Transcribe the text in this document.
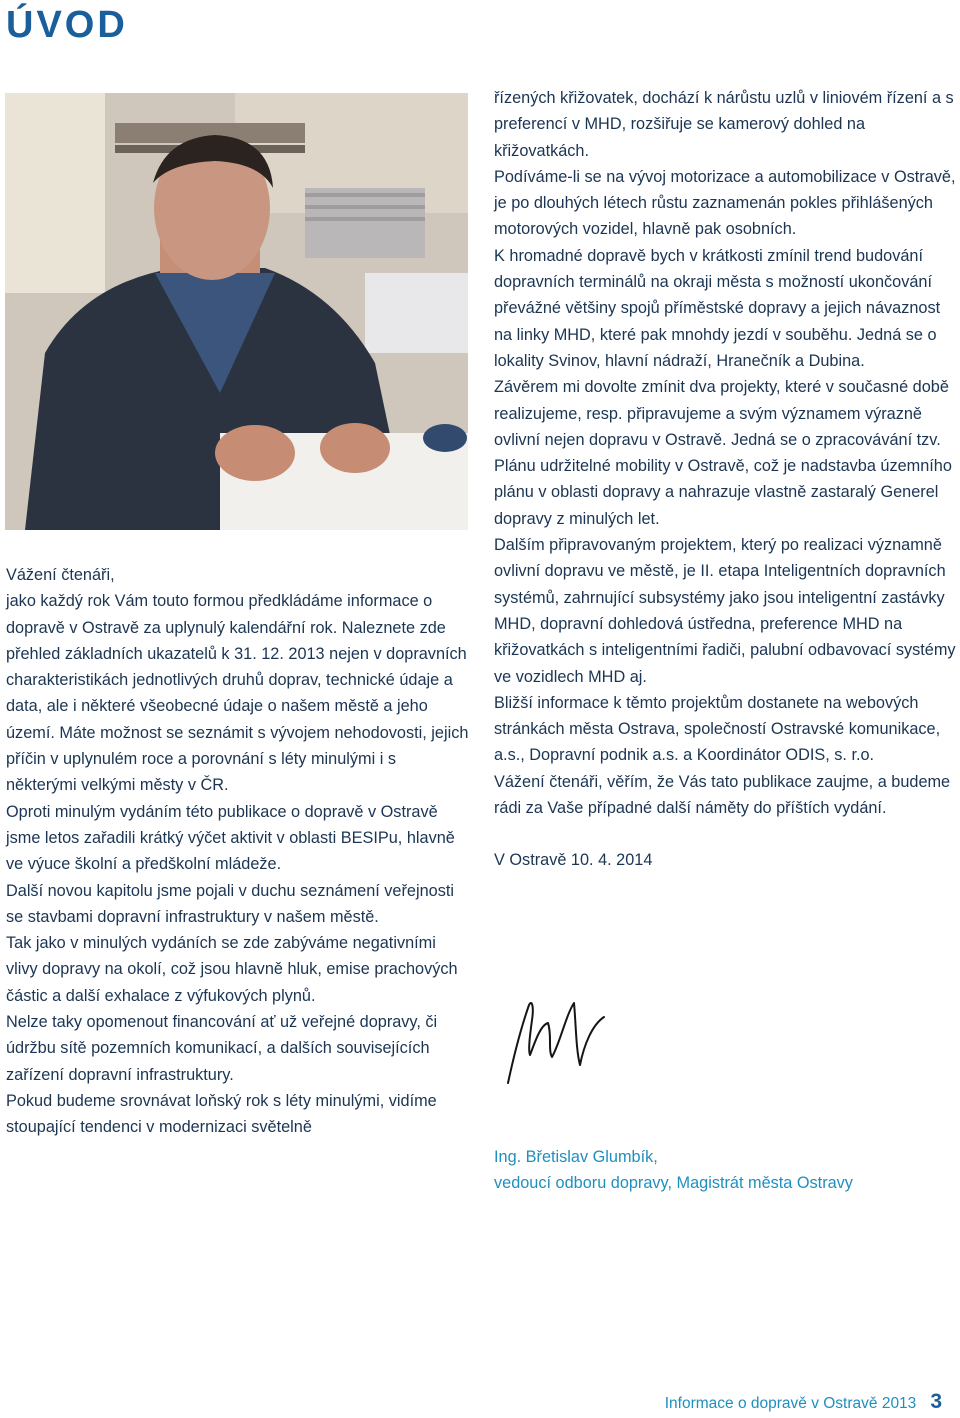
ÚVOD

Vážení čtenáři,

jako každý rok Vám touto formou předkládáme informace o dopravě v Ostravě za uplynulý kalendářní rok. Naleznete zde přehled základních ukazatelů k 31. 12. 2013 nejen v dopravních charakteristikách jednotlivých druhů doprav, technické údaje a data, ale i některé všeobecné údaje o našem městě a jeho území. Máte možnost se seznámit s vývojem nehodovosti, jejich příčin v uplynulém roce a porovnání s léty minulými i s některými velkými městy v ČR.

Oproti minulým vydáním této publikace o dopravě v Ostravě jsme letos zařadili krátký výčet aktivit v oblasti BESIPu, hlavně ve výuce školní a předškolní mládeže.

Další novou kapitolu jsme pojali v duchu seznámení veřejnosti se stavbami dopravní infrastruktury v našem městě.

Tak jako v minulých vydáních se zde zabýváme negativními vlivy dopravy na okolí, což jsou hlavně hluk, emise prachových částic a další exhalace z výfukových plynů.

Nelze taky opomenout financování ať už veřejné dopravy, či údržbu sítě pozemních komunikací, a dalších souvisejících zařízení dopravní infrastruktury.

Pokud budeme srovnávat loňský rok s léty minulými, vidíme stoupající tendenci v modernizaci světelně

řízených křižovatek, dochází k nárůstu uzlů v liniovém řízení a s preferencí v MHD, rozšiřuje se kamerový dohled na křižovatkách.

Podíváme-li se na vývoj motorizace a automobilizace v Ostravě, je po dlouhých létech růstu zaznamenán pokles přihlášených motorových vozidel, hlavně pak osobních.

K hromadné dopravě bych v krátkosti zmínil trend budování dopravních terminálů na okraji města s možností ukončování převážné většiny spojů příměstské dopravy a jejich návaznost na linky MHD, které pak mnohdy jezdí v souběhu. Jedná se o lokality Svinov, hlavní nádraží, Hranečník a Dubina.

Závěrem mi dovolte zmínit dva projekty, které v současné době realizujeme, resp. připravujeme a svým významem výrazně ovlivní nejen dopravu v Ostravě. Jedná se o zpracovávání tzv. Plánu udržitelné mobility v Ostravě, což je nadstavba územního plánu v oblasti dopravy a nahrazuje vlastně zastaralý Generel dopravy z minulých let.

Dalším připravovaným projektem, který po realizaci významně ovlivní dopravu ve městě, je II. etapa Inteligentních dopravních systémů, zahrnující subsystémy jako jsou inteligentní zastávky MHD, dopravní dohledová ústředna, preference MHD na křižovatkách s inteligentními řadiči, palubní odbavovací systémy ve vozidlech MHD aj.

Bližší informace k těmto projektům dostanete na webových stránkách města Ostrava, společností Ostravské komunikace, a.s., Dopravní podnik a.s. a Koordinátor ODIS, s. r.o.

Vážení čtenáři, věřím, že Vás tato publikace zaujme, a budeme rádi za Vaše případné další náměty do příštích vydání.

V Ostravě 10. 4. 2014

Ing. Břetislav Glumbík,

vedoucí odboru dopravy, Magistrát města Ostravy

Informace o dopravě v Ostravě 2013 3
